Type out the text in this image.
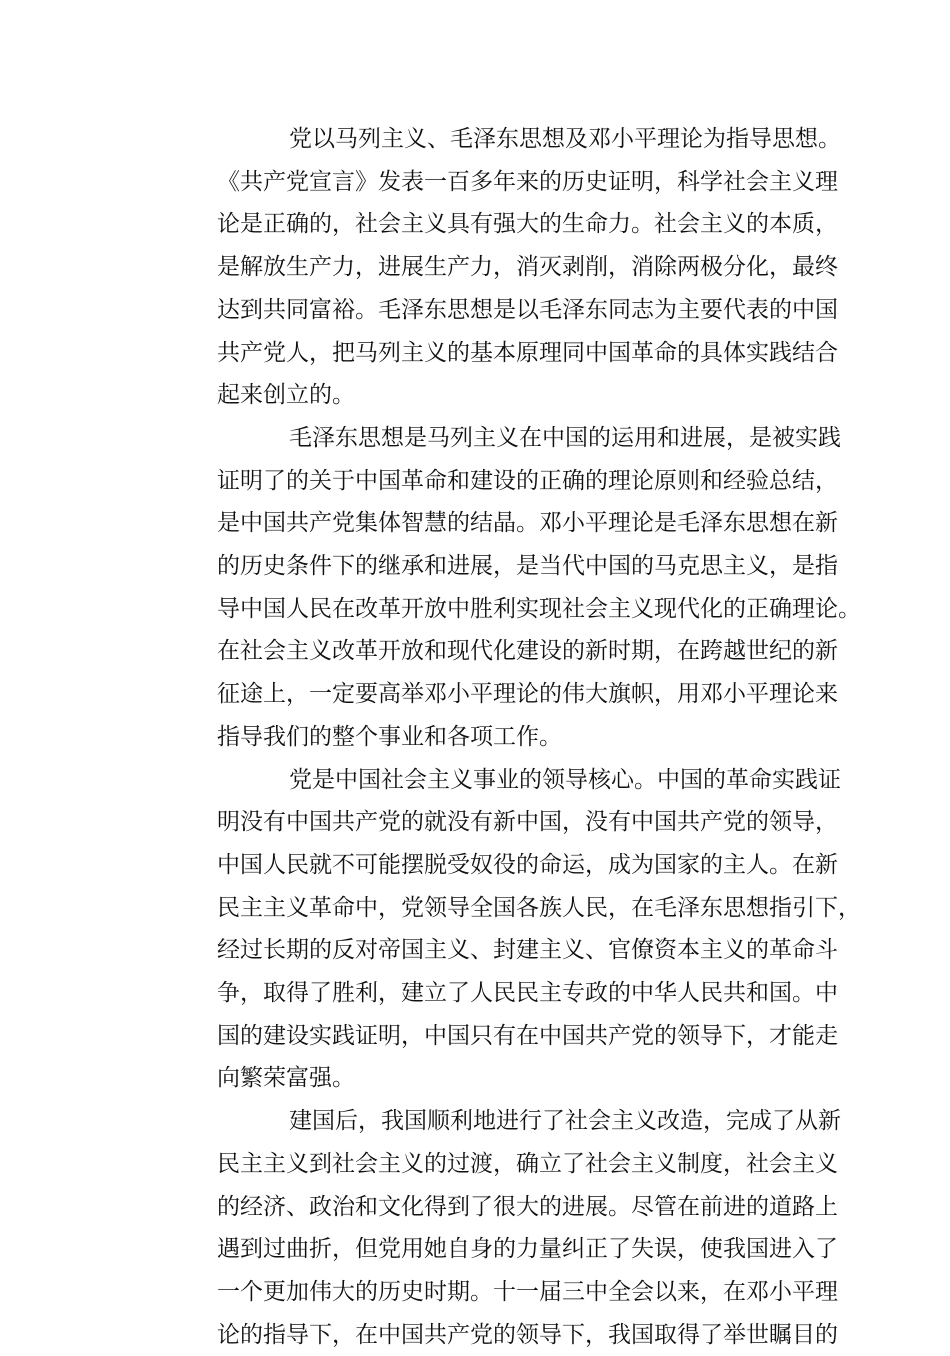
党以马列主义、毛泽东思想及邓小平理论为指导思想。
《共产党宣言》发表一百多年来的历史证明，科学社会主义理
论是正确的，社会主义具有强大的生命力。社会主义的本质，
是解放生产力，进展生产力，消灭剥削，消除两极分化，最终
达到共同富裕。毛泽东思想是以毛泽东同志为主要代表的中国
共产党人，把马列主义的基本原理同中国革命的具体实践结合
起来创立的。
毛泽东思想是马列主义在中国的运用和进展，是被实践
证明了的关于中国革命和建设的正确的理论原则和经验总结，
是中国共产党集体智慧的结晶。邓小平理论是毛泽东思想在新
的历史条件下的继承和进展，是当代中国的马克思主义，是指
导中国人民在改革开放中胜利实现社会主义现代化的正确理论。
在社会主义改革开放和现代化建设的新时期，在跨越世纪的新
征途上，一定要高举邓小平理论的伟大旗帜，用邓小平理论来
指导我们的整个事业和各项工作。
党是中国社会主义事业的领导核心。中国的革命实践证
明没有中国共产党的就没有新中国，没有中国共产党的领导，
中国人民就不可能摆脱受奴役的命运，成为国家的主人。在新
民主主义革命中，党领导全国各族人民，在毛泽东思想指引下，
经过长期的反对帝国主义、封建主义、官僚资本主义的革命斗
争，取得了胜利，建立了人民民主专政的中华人民共和国。中
国的建设实践证明，中国只有在中国共产党的领导下，才能走
向繁荣富强。
建国后，我国顺利地进行了社会主义改造，完成了从新
民主主义到社会主义的过渡，确立了社会主义制度，社会主义
的经济、政治和文化得到了很大的进展。尽管在前进的道路上
遇到过曲折，但党用她自身的力量纠正了失误，使我国进入了
一个更加伟大的历史时期。十一届三中全会以来，在邓小平理
论的指导下，在中国共产党的领导下，我国取得了举世瞩目的
